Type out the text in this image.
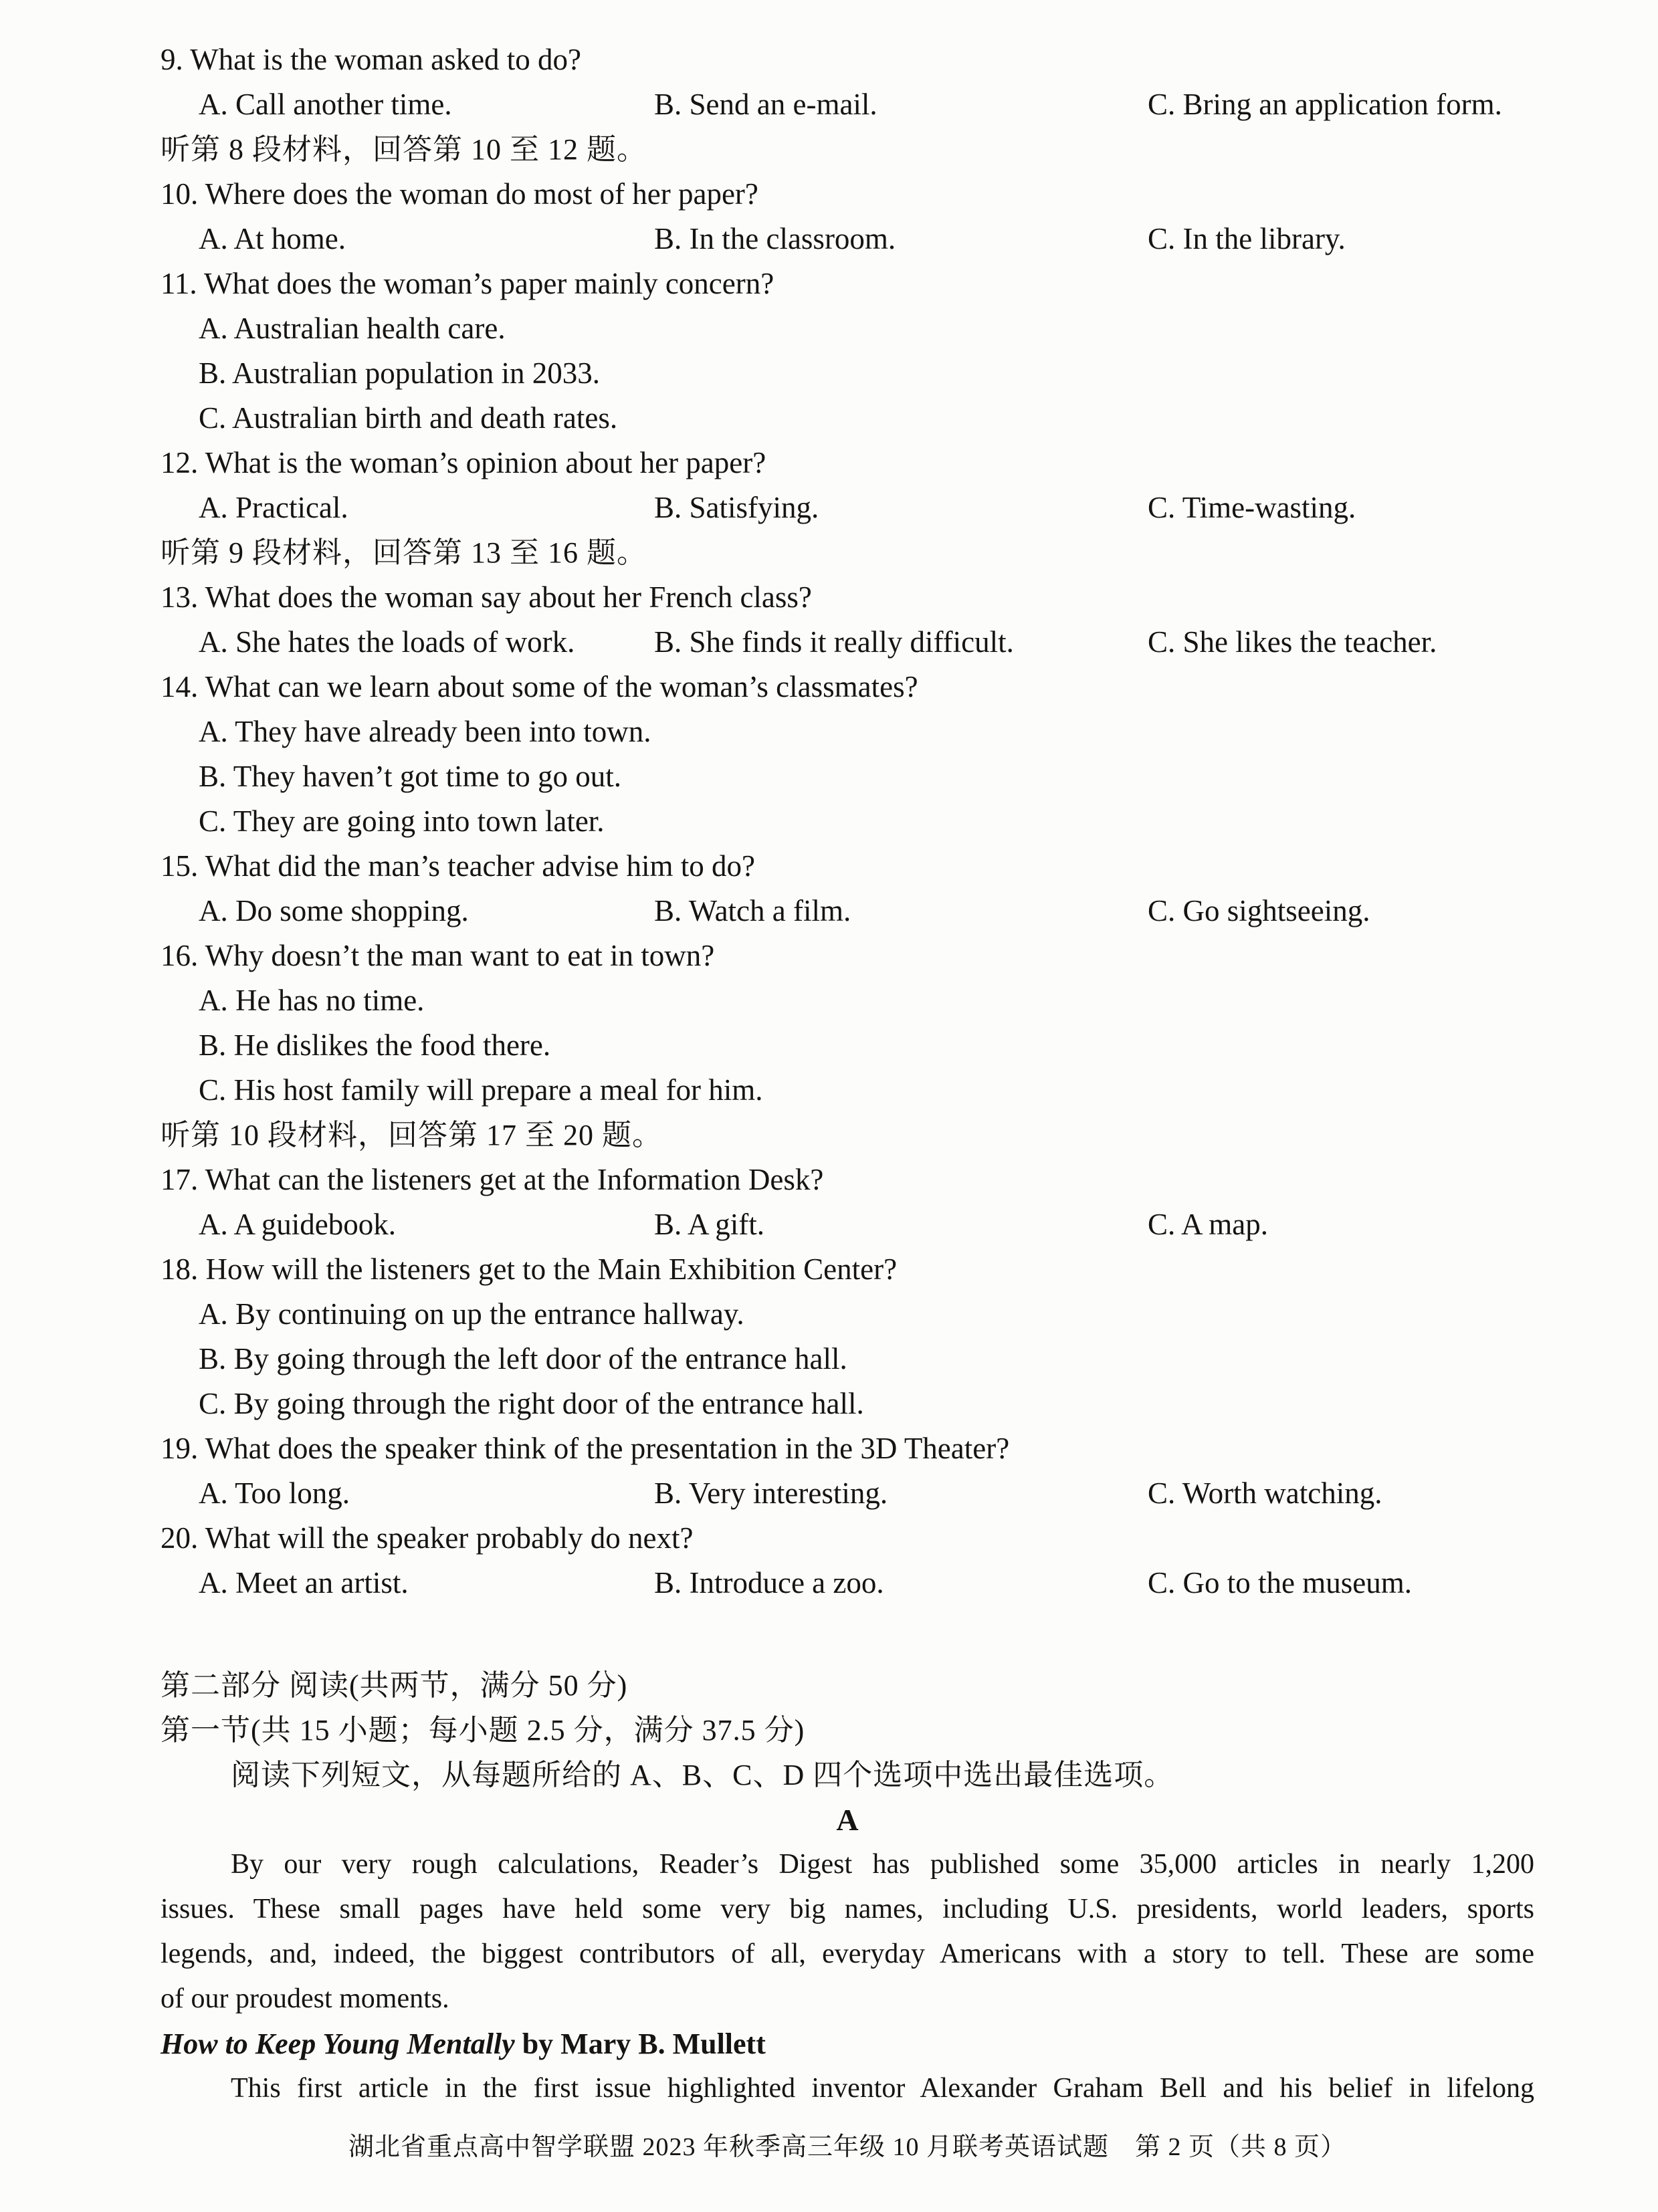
9. What is the woman asked to do?
A. Call another time.	B. Send an e-mail.	C. Bring an application form.
听第 8 段材料，回答第 10 至 12 题。
10. Where does the woman do most of her paper?
A. At home.	B. In the classroom.	C. In the library.
11. What does the woman’s paper mainly concern?
A. Australian health care.
B. Australian population in 2033.
C. Australian birth and death rates.
12. What is the woman’s opinion about her paper?
A. Practical.	B. Satisfying.	C. Time-wasting.
听第 9 段材料，回答第 13 至 16 题。
13. What does the woman say about her French class?
A. She hates the loads of work.	B. She finds it really difficult.	C. She likes the teacher.
14. What can we learn about some of the woman’s classmates?
A. They have already been into town.
B. They haven’t got time to go out.
C. They are going into town later.
15. What did the man’s teacher advise him to do?
A. Do some shopping.	B. Watch a film.	C. Go sightseeing.
16. Why doesn’t the man want to eat in town?
A. He has no time.
B. He dislikes the food there.
C. His host family will prepare a meal for him.
听第 10 段材料，回答第 17 至 20 题。
17. What can the listeners get at the Information Desk?
A. A guidebook.	B. A gift.	C. A map.
18. How will the listeners get to the Main Exhibition Center?
A. By continuing on up the entrance hallway.
B. By going through the left door of the entrance hall.
C. By going through the right door of the entrance hall.
19. What does the speaker think of the presentation in the 3D Theater?
A. Too long.	B. Very interesting.	C. Worth watching.
20. What will the speaker probably do next?
A. Meet an artist.	B. Introduce a zoo.	C. Go to the museum.
第二部分 阅读(共两节，满分 50 分)
第一节(共 15 小题；每小题 2.5 分，满分 37.5 分)
阅读下列短文，从每题所给的 A、B、C、D 四个选项中选出最佳选项。
A
By our very rough calculations, Reader’s Digest has published some 35,000 articles in nearly 1,200
issues. These small pages have held some very big names, including U.S. presidents, world leaders, sports
legends, and, indeed, the biggest contributors of all, everyday Americans with a story to tell. These are some
of our proudest moments.
How to Keep Young Mentally by Mary B. Mullett
This first article in the first issue highlighted inventor Alexander Graham Bell and his belief in lifelong
湖北省重点高中智学联盟 2023 年秋季高三年级 10 月联考英语试题　第 2 页（共 8 页）
